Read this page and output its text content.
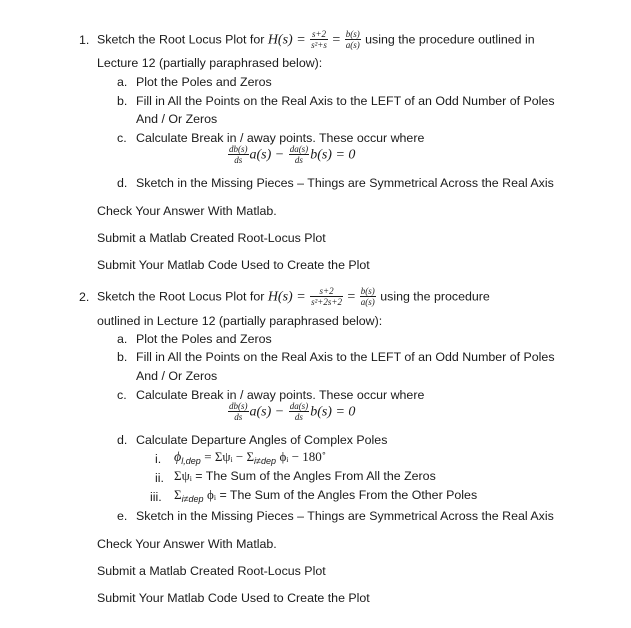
1. Sketch the Root Locus Plot for $H(s) = \frac{s+2}{\text{s²+s}} = \frac{b(s)}{a(s)}$ using the procedure outlined in
Lecture 12 (partially paraphrased below):
a. Plot the Poles and Zeros
b. Fill in All the Points on the Real Axis to the LEFT of an Odd Number of Poles
And / Or Zeros
c. Calculate Break in / away points. These occur where
$\frac{db(s)}{ds} a(s) - \frac{da(s)}{ds} b(s) = 0$
d. Sketch in the Missing Pieces – Things are Symmetrical Across the Real Axis
Check Your Answer With Matlab.
Submit a Matlab Created Root-Locus Plot
Submit Your Matlab Code Used to Create the Plot
2. Sketch the Root Locus Plot for $H(s) = \frac{s+2}{\text{s²+2s+2}} = \frac{b(s)}{a(s)}$ using the procedure
outlined in Lecture 12 (partially paraphrased below):
a. Plot the Poles and Zeros
b. Fill in All the Points on the Real Axis to the LEFT of an Odd Number of Poles
And / Or Zeros
c. Calculate Break in / away points. These occur where
$\frac{db(s)}{ds} a(s) - \frac{da(s)}{ds} b(s) = 0$
d. Calculate Departure Angles of Complex Poles
i. $\phi_{l,dep}$ = Σψᵢ − $\Sigma_{i\ne dep}$ ϕᵢ − 180˚
ii. Σψᵢ = The Sum of the Angles From All the Zeros
iii. $\Sigma_{i\ne dep}$ ϕᵢ = The Sum of the Angles From the Other Poles
e. Sketch in the Missing Pieces – Things are Symmetrical Across the Real Axis
Check Your Answer With Matlab.
Submit a Matlab Created Root-Locus Plot
Submit Your Matlab Code Used to Create the Plot
